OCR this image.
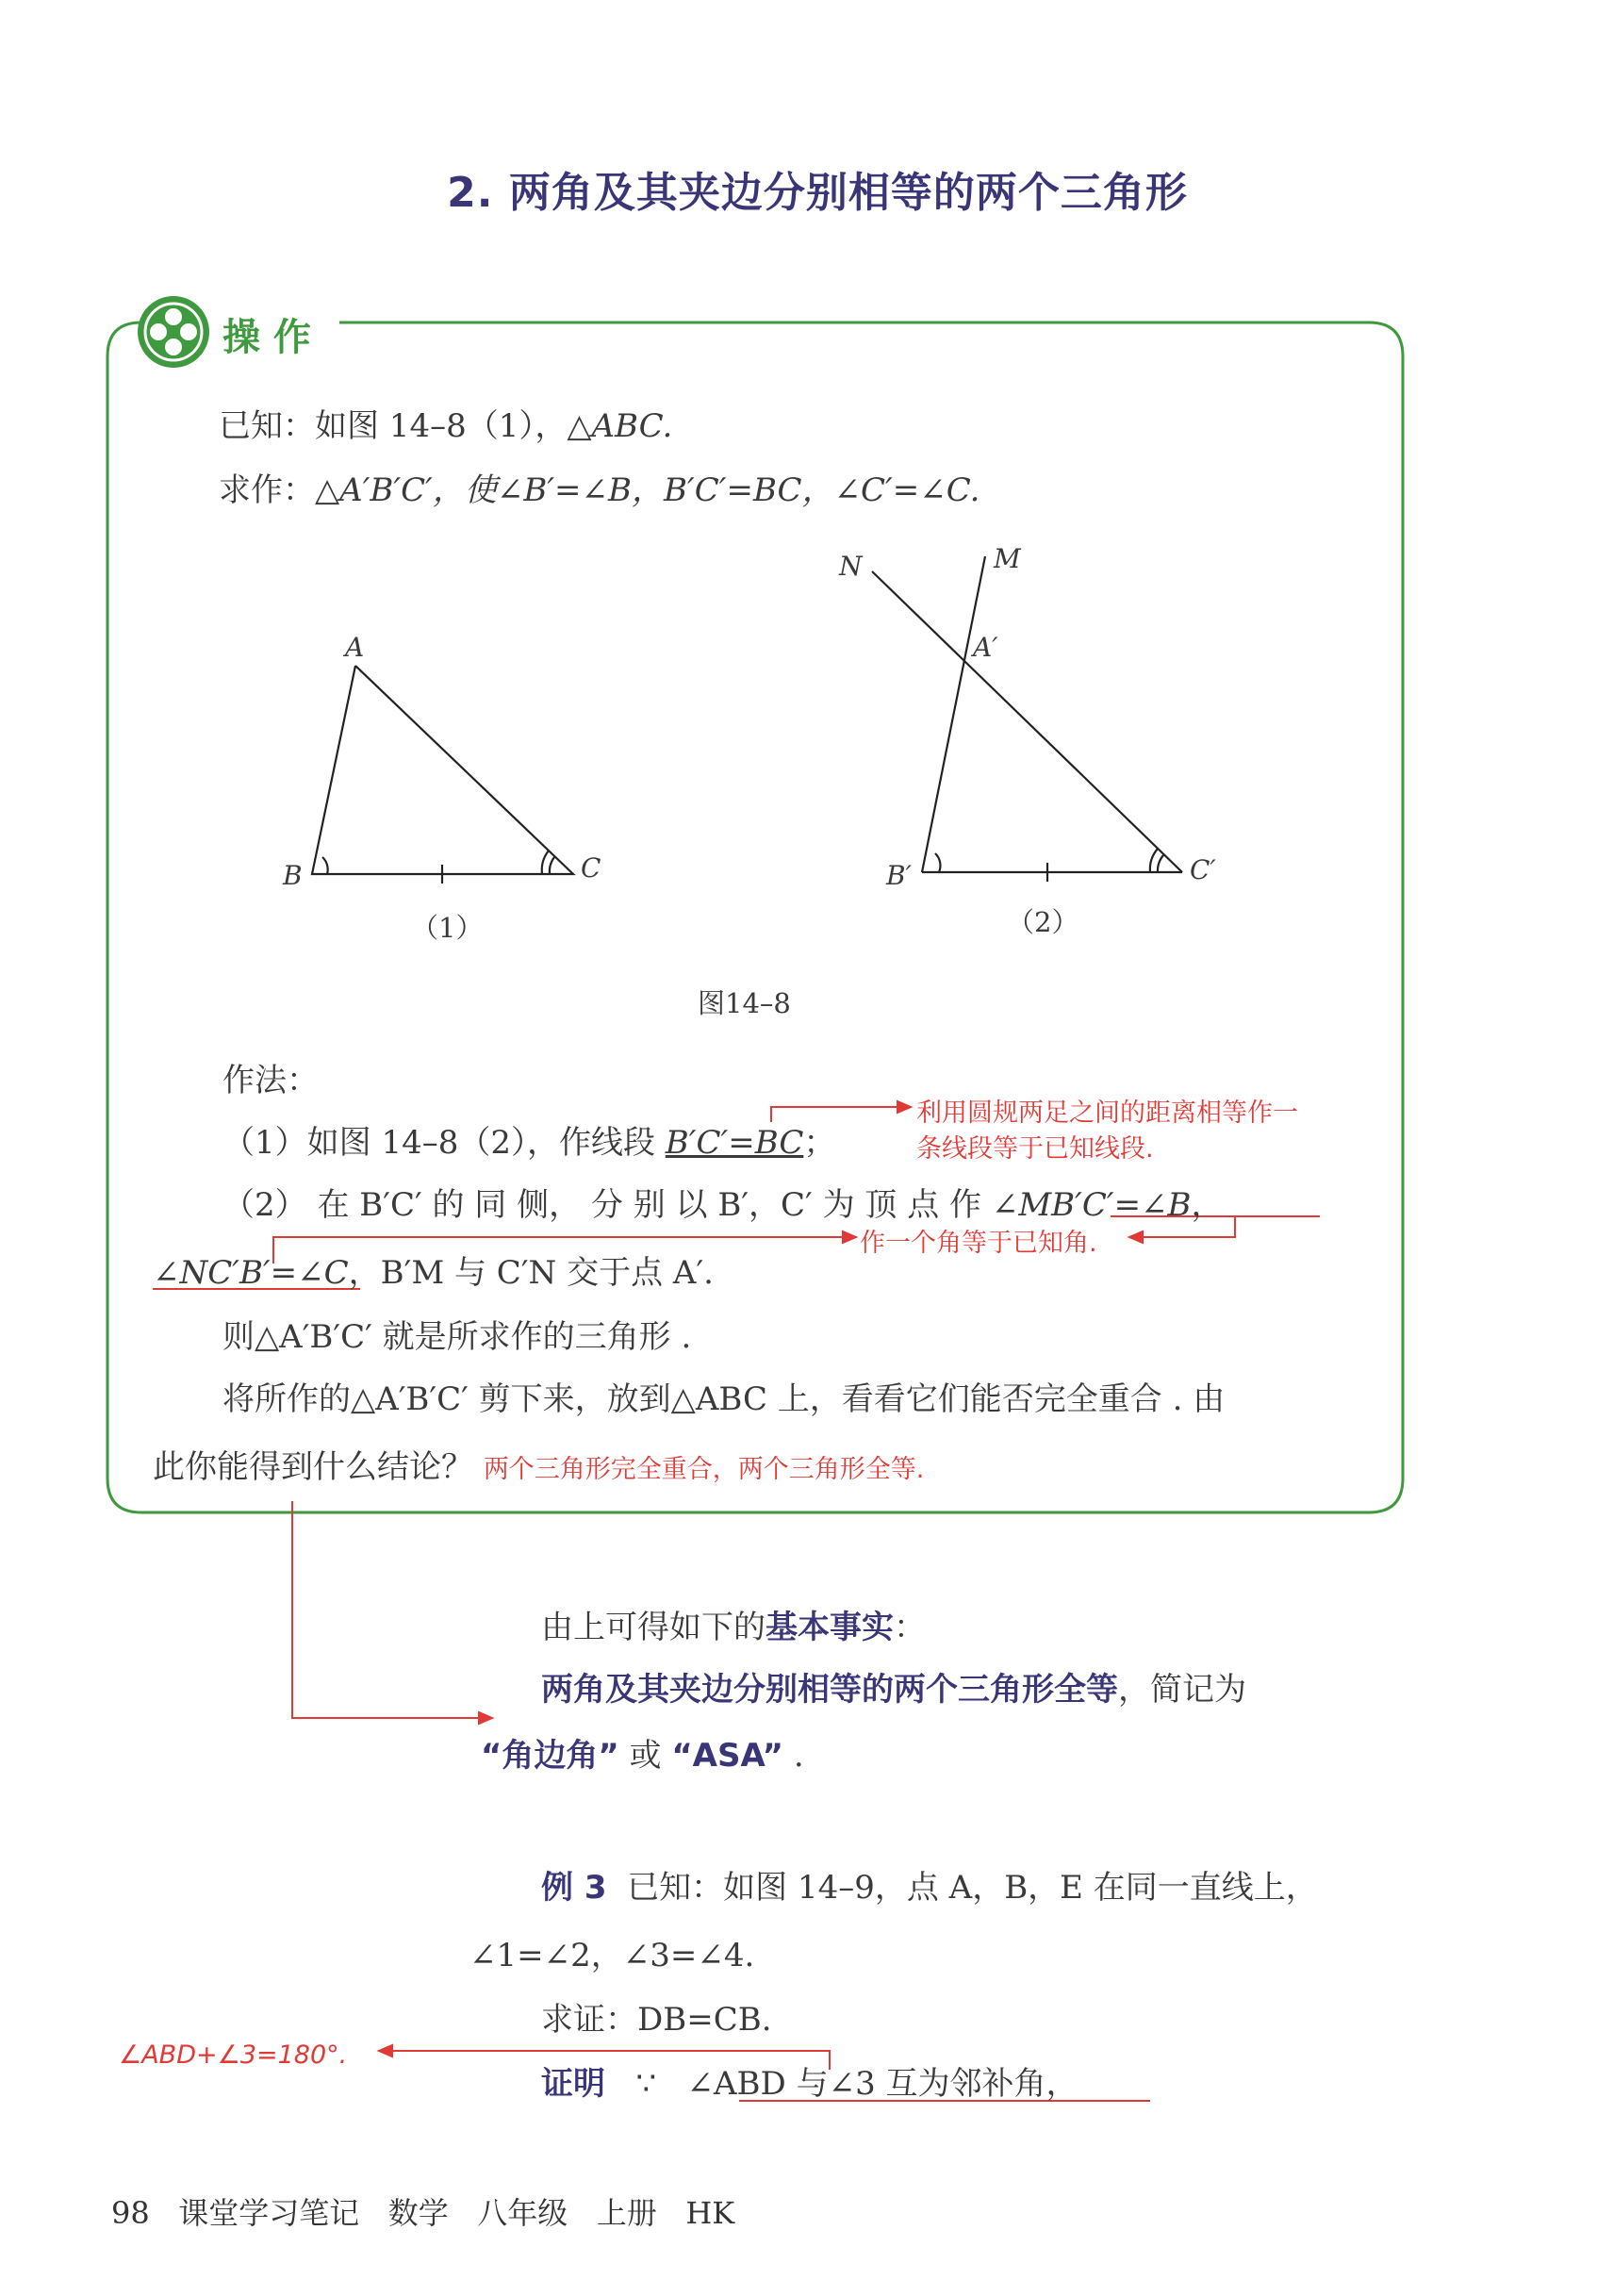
2. 两角及其夹边分别相等的两个三角形
操 作
已知：如图 14–8（1），△ABC.
求作：△A′B′C′，使∠B′=∠B，B′C′=BC，∠C′=∠C.
A
B	C
（1）
N	M
A′
B′	C′
（2）
图14–8
作法：
（1）如图 14–8（2），作线段 B′C′=BC；
利用圆规两足之间的距离相等作一
条线段等于已知线段.
（2） 在 B′C′ 的 同 侧， 分 别 以 B′，C′ 为 顶 点 作 ∠MB′C′=∠B，
作一个角等于已知角.
∠NC′B′=∠C，B′M 与 C′N 交于点 A′.
则△A′B′C′ 就是所求作的三角形 .
将所作的△A′B′C′ 剪下来，放到△ABC 上，看看它们能否完全重合 . 由
此你能得到什么结论？ 两个三角形完全重合，两个三角形全等.
由上可得如下的基本事实：
两角及其夹边分别相等的两个三角形全等，简记为
“角边角” 或 “ASA” .
例 3 已知：如图 14–9，点 A，B，E 在同一直线上，
∠1=∠2，∠3=∠4.
求证：DB=CB.
证明 ∵ ∠ABD 与∠3 互为邻补角，
∠ABD+∠3=180°.
98 课堂学习笔记 数学 八年级 上册 HK
